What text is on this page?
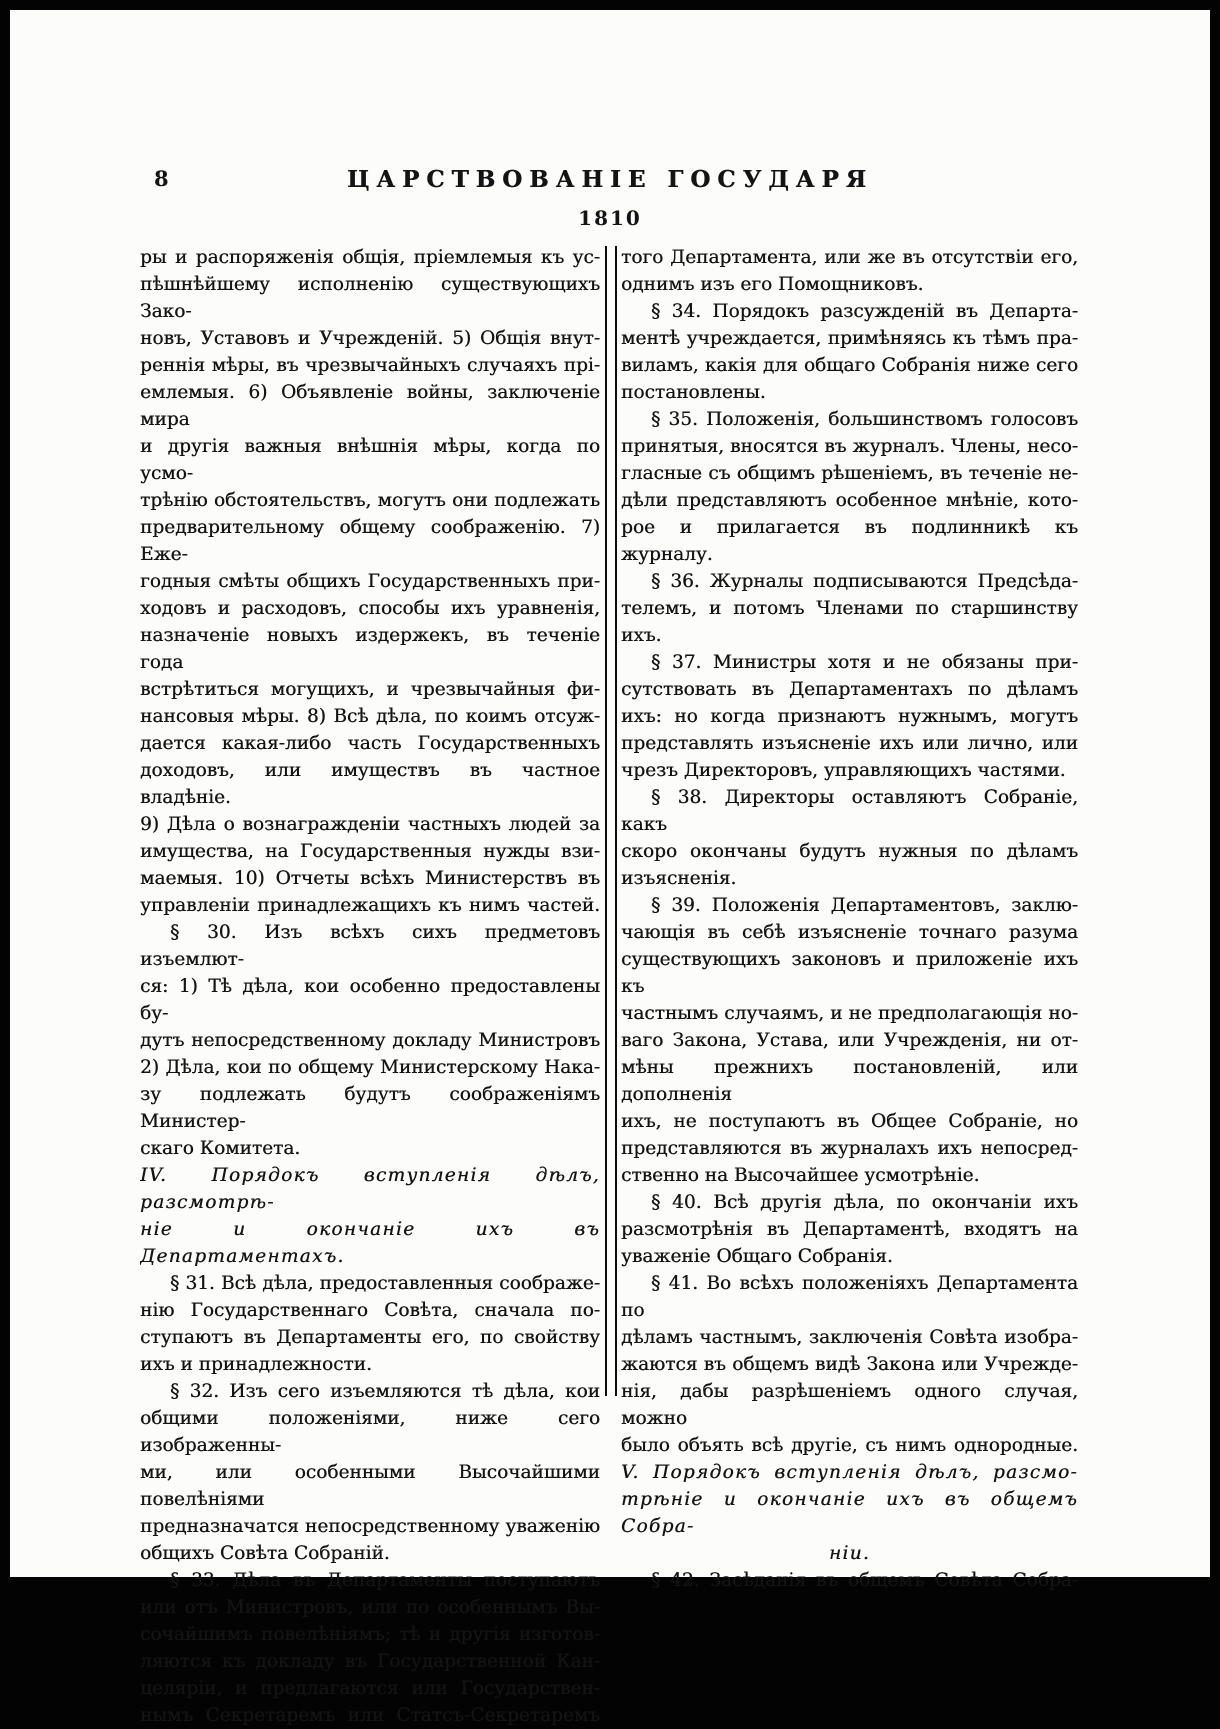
8	ЦАРСТВОВАНІЕ ГОСУДАРЯ
1810
ры и распоряженія общія, пріемлемыя къ ус-
пѣшнѣйшему исполненію существующихъ Зако-
новъ, Уставовъ и Учрежденій. 5) Общія внут-
реннія мѣры, въ чрезвычайныхъ случаяхъ прі-
емлемыя. 6) Объявленіе войны, заключеніе мира
и другія важныя внѣшнія мѣры, когда по усмо-
трѣнію обстоятельствъ, могутъ они подлежать
предварительному общему соображенію. 7) Еже-
годныя смѣты общихъ Государственныхъ при-
ходовъ и расходовъ, способы ихъ уравненія,
назначеніе новыхъ издержекъ, въ теченіе года
встрѣтиться могущихъ, и чрезвычайныя фи-
нансовыя мѣры. 8) Всѣ дѣла, по коимъ отсуж-
дается какая-либо часть Государственныхъ
доходовъ, или имуществъ въ частное владѣніе.
9) Дѣла о вознагражденіи частныхъ людей за
имущества, на Государственныя нужды взи-
маемыя. 10) Отчеты всѣхъ Министерствъ въ
управленіи принадлежащихъ къ нимъ частей.
§ 30. Изъ всѣхъ сихъ предметовъ изъемлют-
ся: 1) Тѣ дѣла, кои особенно предоставлены бу-
дутъ непосредственному докладу Министровъ
2) Дѣла, кои по общему Министерскому Нака-
зу подлежать будутъ соображеніямъ Министер-
скаго Комитета.
IV. Порядокъ вступленія дѣлъ, разсмотрѣ-
ніе и окончаніе ихъ въ Департаментахъ.
§ 31. Всѣ дѣла, предоставленныя соображе-
нію Государственнаго Совѣта, сначала по-
ступаютъ въ Департаменты его, по свойству
ихъ и принадлежности.
§ 32. Изъ сего изъемляются тѣ дѣла, кои
общими положеніями, ниже сего изображенны-
ми, или особенными Высочайшими повелѣніями
предназначатся непосредственному уваженію
общихъ Совѣта Собраній.
§ 33. Дѣла въ Департаменты поступаютъ
или отъ Министровъ, или по особеннымъ Вы-
сочайшимъ повелѣніямъ; тѣ и другія изготов-
ляются къ докладу въ Государственной Кан-
целяріи, и предлагаются или Государствен-
нымъ Секретаремъ или Статсъ-Секретаремъ
того Департамента, или же въ отсутствіи его,
однимъ изъ его Помощниковъ.
§ 34. Порядокъ разсужденій въ Департа-
ментѣ учреждается, примѣняясь къ тѣмъ пра-
виламъ, какія для общаго Собранія ниже сего
постановлены.
§ 35. Положенія, большинствомъ голосовъ
принятыя, вносятся въ журналъ. Члены, несо-
гласные съ общимъ рѣшеніемъ, въ теченіе не-
дѣли представляютъ особенное мнѣніе, кото-
рое и прилагается въ подлинникѣ къ журналу.
§ 36. Журналы подписываются Предсѣда-
телемъ, и потомъ Членами по старшинству ихъ.
§ 37. Министры хотя и не обязаны при-
сутствовать въ Департаментахъ по дѣламъ
ихъ: но когда признаютъ нужнымъ, могутъ
представлять изъясненіе ихъ или лично, или
чрезъ Директоровъ, управляющихъ частями.
§ 38. Директоры оставляютъ Собраніе, какъ
скоро окончаны будутъ нужныя по дѣламъ
изъясненія.
§ 39. Положенія Департаментовъ, заклю-
чающія въ себѣ изъясненіе точнаго разума
существующихъ законовъ и приложеніе ихъ къ
частнымъ случаямъ, и не предполагающія но-
ваго Закона, Устава, или Учрежденія, ни от-
мѣны прежнихъ постановленій, или дополненія
ихъ, не поступаютъ въ Общее Собраніе, но
представляются въ журналахъ ихъ непосред-
ственно на Высочайшее усмотрѣніе.
§ 40. Всѣ другія дѣла, по окончаніи ихъ
разсмотрѣнія въ Департаментѣ, входятъ на
уваженіе Общаго Собранія.
§ 41. Во всѣхъ положеніяхъ Департамента по
дѣламъ частнымъ, заключенія Совѣта изобра-
жаются въ общемъ видѣ Закона или Учрежде-
нія, дабы разрѣшеніемъ одного случая, можно
было объять всѣ другіе, съ нимъ однородные.
V. Порядокъ вступленія дѣлъ, разсмо-
трѣніе и окончаніе ихъ въ общемъ Собра-
ніи.
§ 42. Засѣданія въ общемъ Совѣта Собра-
